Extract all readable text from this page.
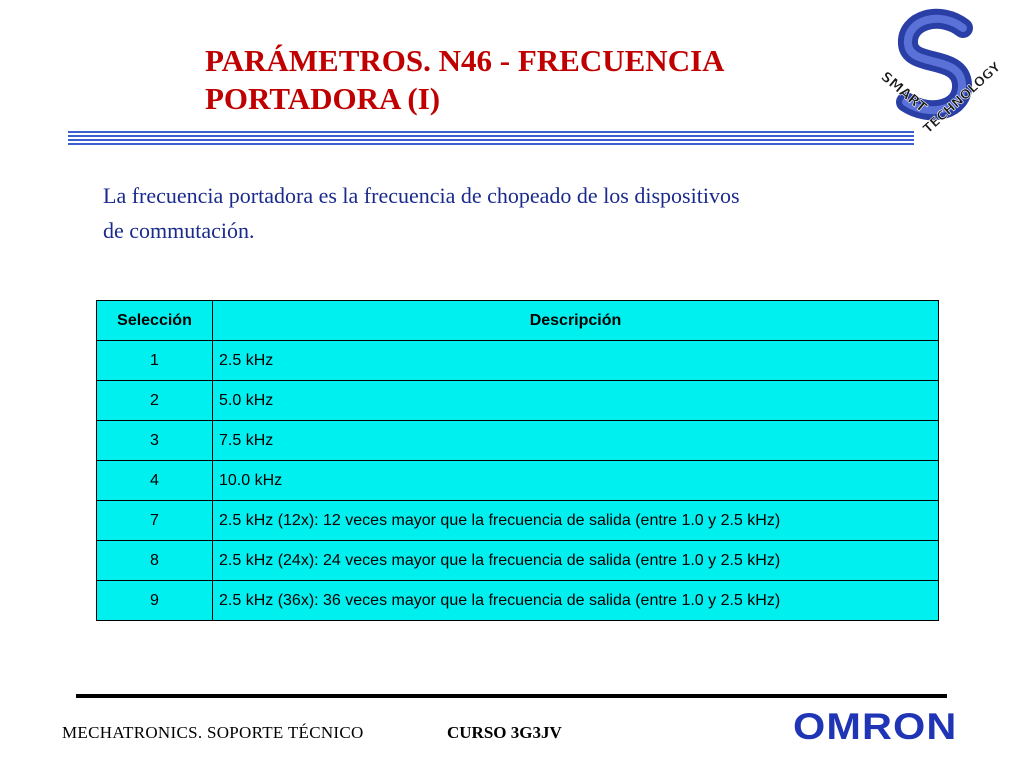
PARÁMETROS. N46 - FRECUENCIA
PORTADORA (I)	SMART
TECHNOLOGY
La frecuencia portadora es la frecuencia de chopeado de los dispositivos
de commutación.
Selección	Descripción
1	2.5 kHz
2	5.0 kHz
3	7.5 kHz
4	10.0 kHz
7	2.5 kHz (12x): 12 veces mayor que la frecuencia de salida (entre 1.0 y 2.5 kHz)
8	2.5 kHz (24x): 24 veces mayor que la frecuencia de salida (entre 1.0 y 2.5 kHz)
9	2.5 kHz (36x): 36 veces mayor que la frecuencia de salida (entre 1.0 y 2.5 kHz)
MECHATRONICS. SOPORTE TÉCNICO	CURSO 3G3JV	OMRON
